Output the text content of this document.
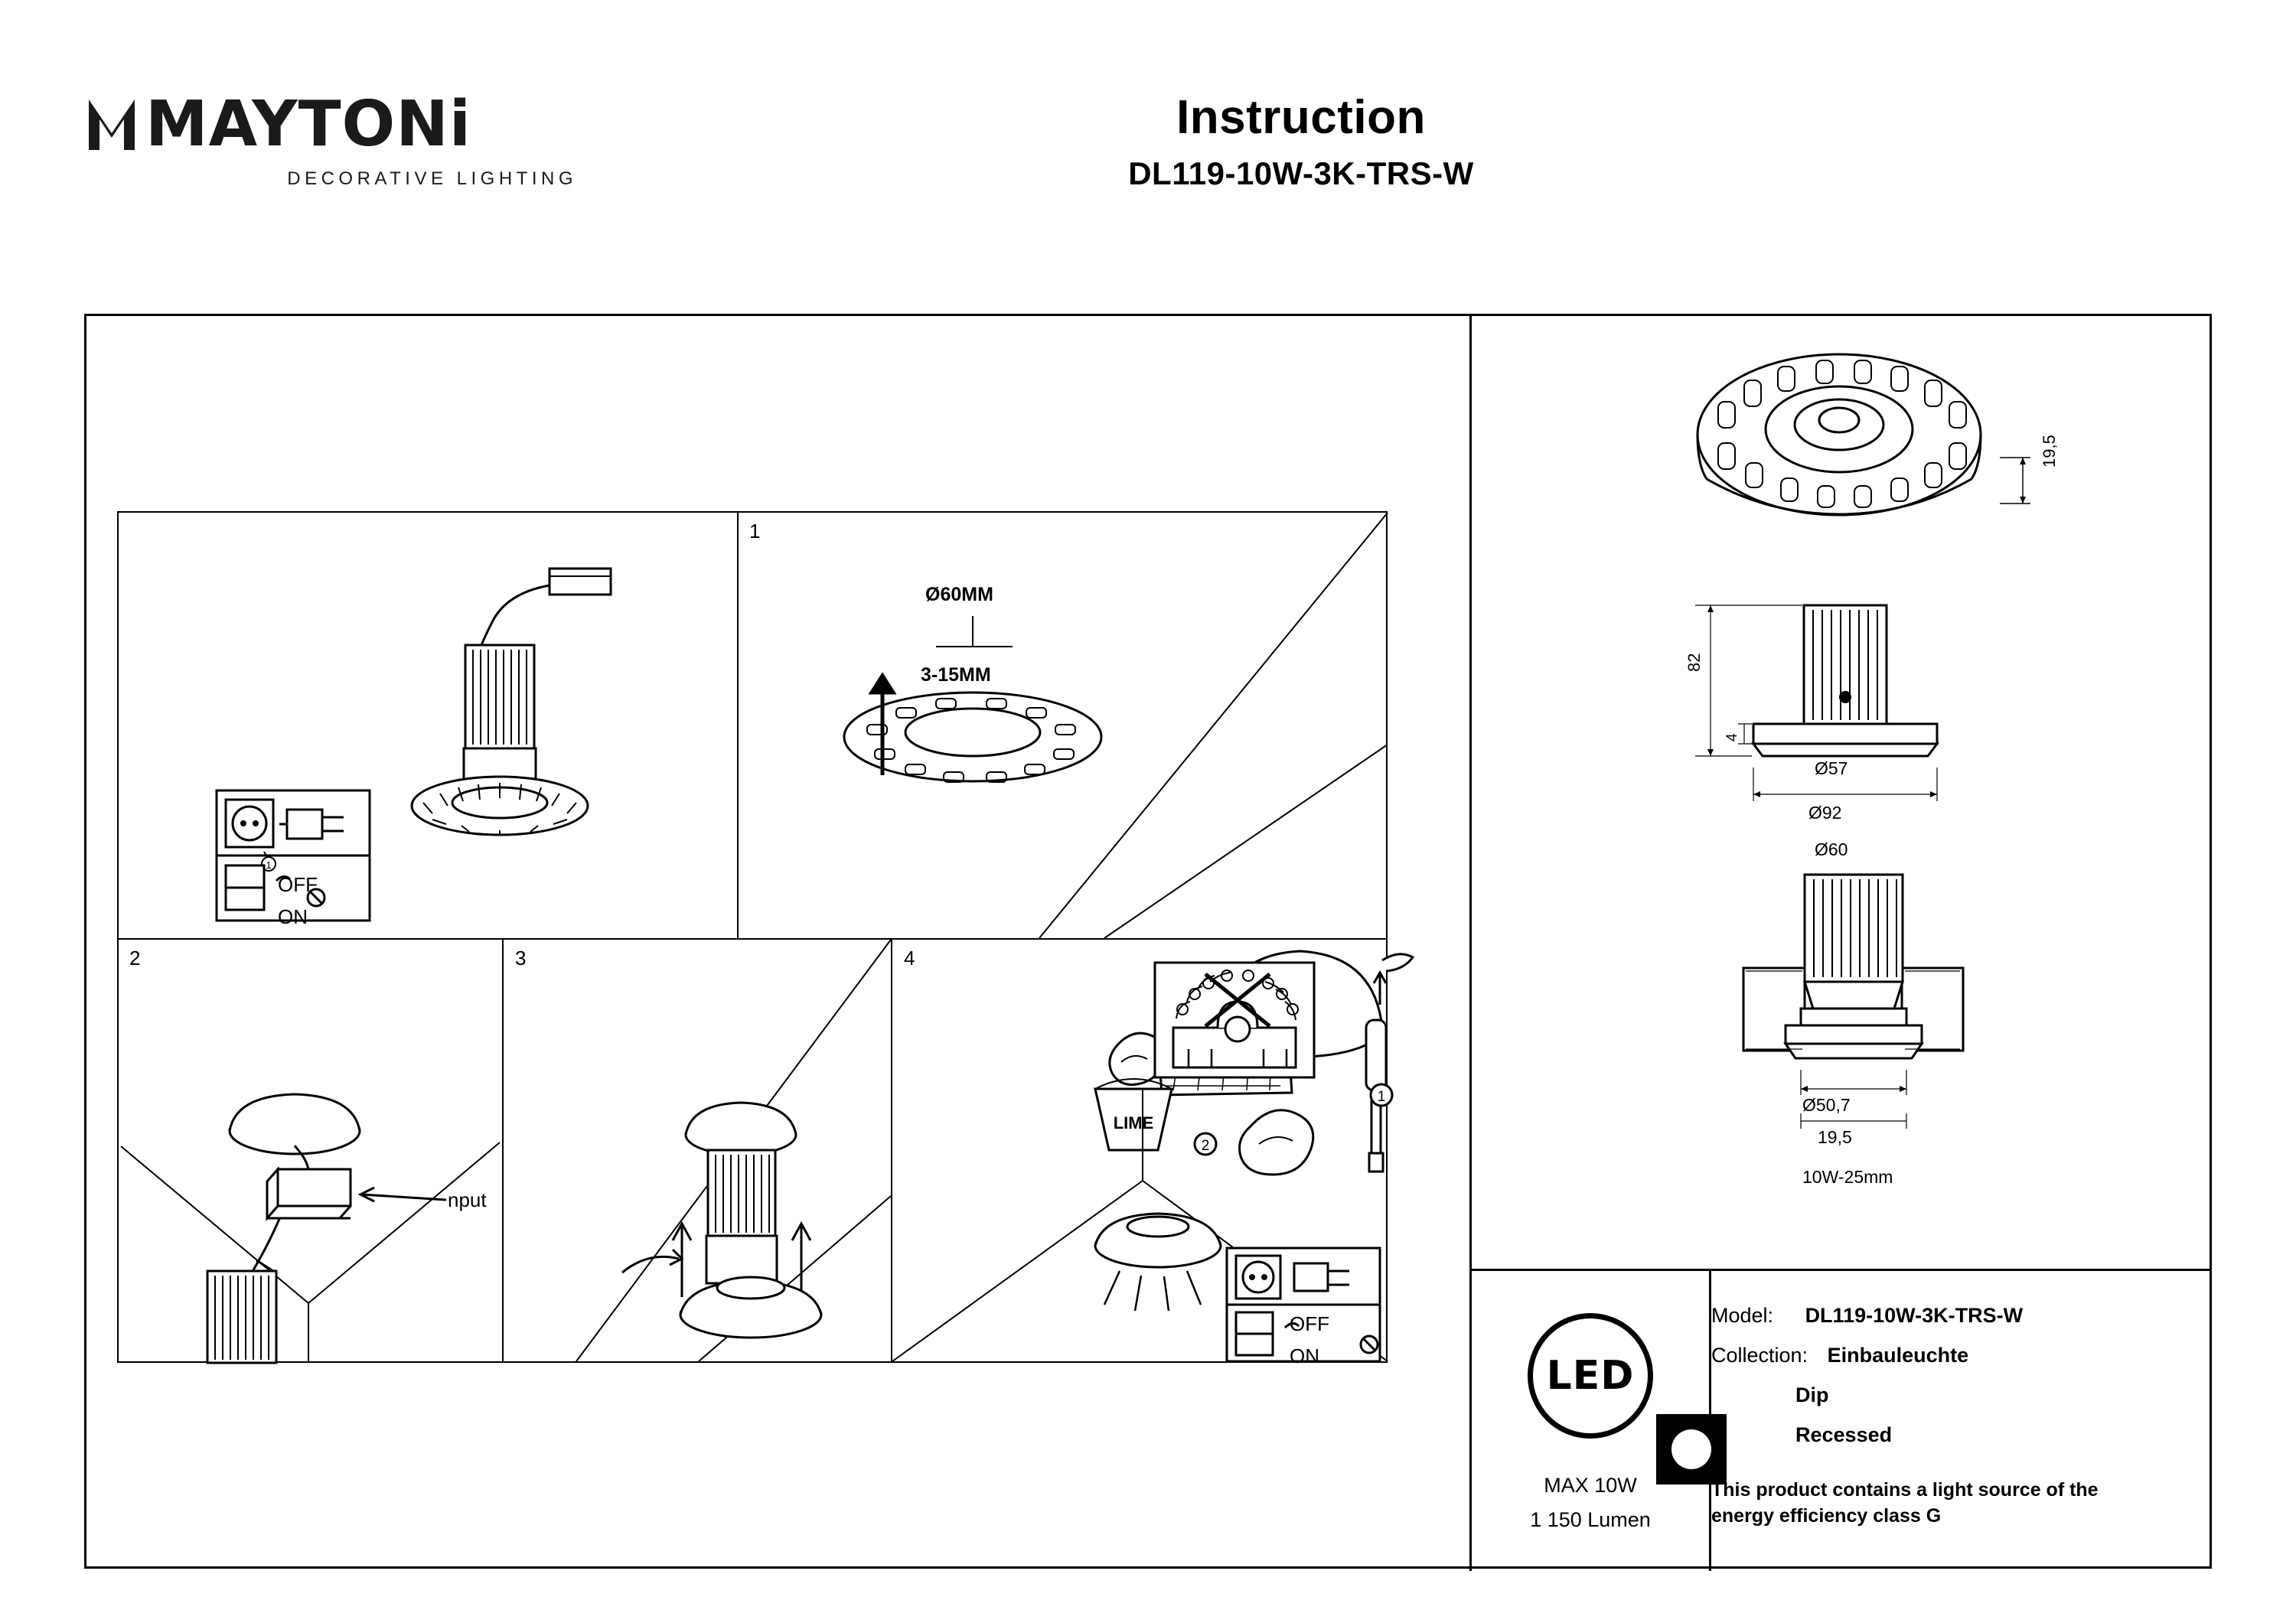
MAYTONi
DECORATIVE LIGHTING
Instruction
DL119-10W-3K-TRS-W
1
LIME
1
2
1
2	3	4
Ø60MM
3-15MM
nput
OFF
ON
OFF
ON
19,5
82
4
Ø57
Ø92
Ø60
Ø50,7
19,5
10W-25mm
LED
MAX 10W
1 150 Lumen
Model: DL119-10W-3K-TRS-W
Collection: Einbauleuchte
Dip
Recessed
This product contains a light source of the energy efficiency class G
